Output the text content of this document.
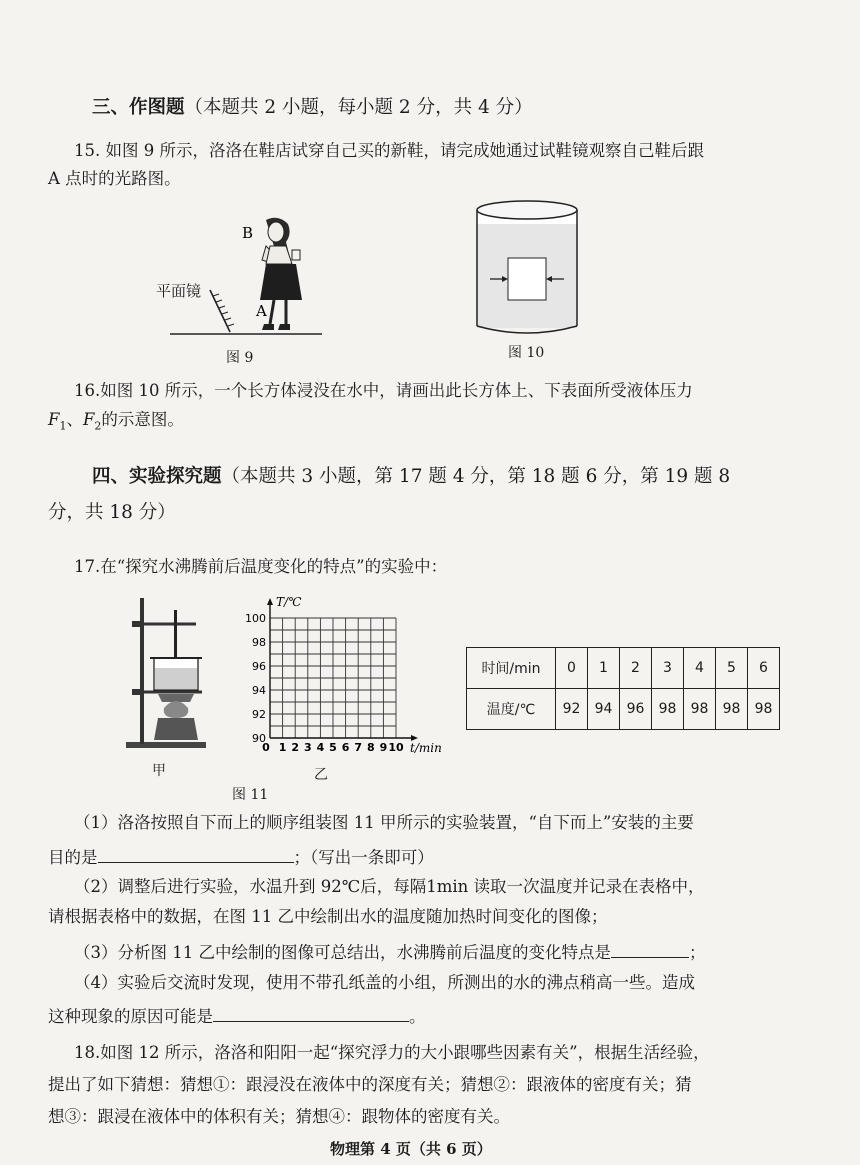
三、作图题（本题共 2 小题，每小题 2 分，共 4 分）
15. 如图 9 所示，洛洛在鞋店试穿自己买的新鞋，请完成她通过试鞋镜观察自己鞋后跟
A 点时的光路图。
B
A
平面镜
图 9	图 10
16.如图 10 所示，一个长方体浸没在水中，请画出此长方体上、下表面所受液体压力
$F_1$、$F_2$的示意图。
四、实验探究题（本题共 3 小题，第 17 题 4 分，第 18 题 6 分，第 19 题 8
分，共 18 分）
17.在“探究水沸腾前后温度变化的特点”的实验中：
甲
100
98
96
94
92
90
0 1 2 3 4 5 6 7 8 9 10
T/℃
t/min
乙
图 11
时间/min	0	1	2	3	4	5	6
温度/℃	92	94	96	98	98	98	98
（1）洛洛按照自下而上的顺序组装图 11 甲所示的实验装置，“自下而上”安装的主要
目的是	；（写出一条即可）
（2）调整后进行实验，水温升到 92℃后，每隔1min 读取一次温度并记录在表格中，
请根据表格中的数据，在图 11 乙中绘制出水的温度随加热时间变化的图像；
（3）分析图 11 乙中绘制的图像可总结出，水沸腾前后温度的变化特点是	；
（4）实验后交流时发现，使用不带孔纸盖的小组，所测出的水的沸点稍高一些。造成
这种现象的原因可能是	。
18.如图 12 所示，洛洛和阳阳一起“探究浮力的大小跟哪些因素有关”，根据生活经验，
提出了如下猜想：猜想①：跟浸没在液体中的深度有关；猜想②：跟液体的密度有关；猜
想③：跟浸在液体中的体积有关；猜想④：跟物体的密度有关。
物理第 4 页（共 6 页）
